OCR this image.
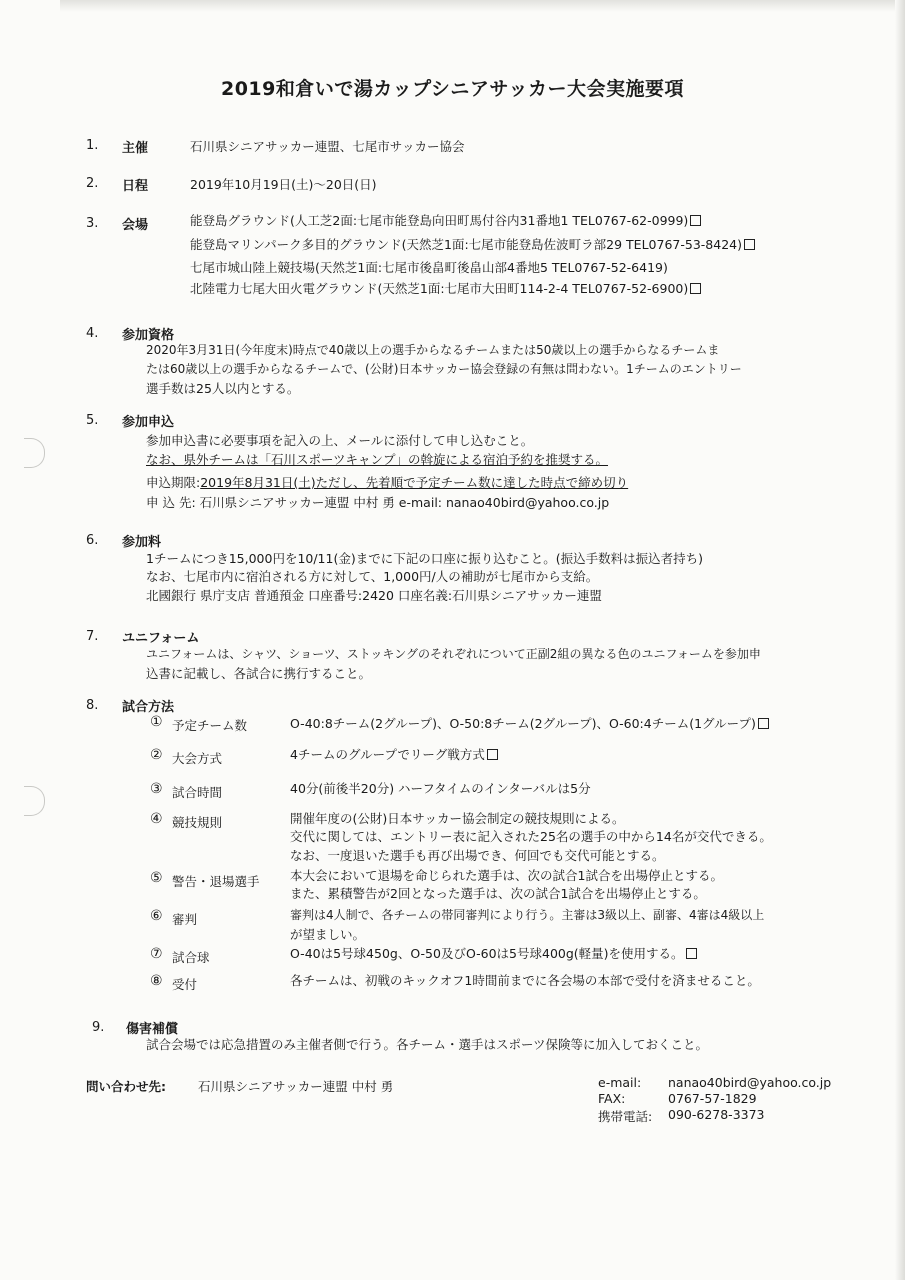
2019和倉いで湯カップシニアサッカー大会実施要項
1. 主催	石川県シニアサッカー連盟、七尾市サッカー協会
2. 日程	2019年10月19日(土)〜20日(日)
3. 会場	能登島グラウンド(人工芝2面:七尾市能登島向田町馬付谷内31番地1 TEL0767-62-0999)
能登島マリンパーク多目的グラウンド(天然芝1面:七尾市能登島佐波町ラ部29 TEL0767-53-8424)
七尾市城山陸上競技場(天然芝1面:七尾市後畠町後畠山部4番地5 TEL0767-52-6419)
北陸電力七尾大田火電グラウンド(天然芝1面:七尾市大田町114-2-4 TEL0767-52-6900)
4. 参加資格
2020年3月31日(今年度末)時点で40歳以上の選手からなるチームまたは50歳以上の選手からなるチームま
たは60歳以上の選手からなるチームで、(公財)日本サッカー協会登録の有無は問わない。1チームのエントリー
選手数は25人以内とする。
5. 参加申込
参加申込書に必要事項を記入の上、メールに添付して申し込むこと。
なお、県外チームは「石川スポーツキャンプ」の斡旋による宿泊予約を推奨する。
申込期限:2019年8月31日(土)ただし、先着順で予定チーム数に達した時点で締め切り
申 込 先: 石川県シニアサッカー連盟 中村 勇 e-mail: nanao40bird@yahoo.co.jp
6. 参加料
1チームにつき15,000円を10/11(金)までに下記の口座に振り込むこと。(振込手数料は振込者持ち)
なお、七尾市内に宿泊される方に対して、1,000円/人の補助が七尾市から支給。
北國銀行 県庁支店 普通預金 口座番号:2420 口座名義:石川県シニアサッカー連盟
7. ユニフォーム
ユニフォームは、シャツ、ショーツ、ストッキングのそれぞれについて正副2組の異なる色のユニフォームを参加申
込書に記載し、各試合に携行すること。
8. 試合方法
① 予定チーム数	O-40:8チーム(2グループ)、O-50:8チーム(2グループ)、O-60:4チーム(1グループ)
② 大会方式	4チームのグループでリーグ戦方式
③ 試合時間	40分(前後半20分) ハーフタイムのインターバルは5分
④ 競技規則	開催年度の(公財)日本サッカー協会制定の競技規則による。
交代に関しては、エントリー表に記入された25名の選手の中から14名が交代できる。
なお、一度退いた選手も再び出場でき、何回でも交代可能とする。
⑤ 警告・退場選手 本大会において退場を命じられた選手は、次の試合1試合を出場停止とする。
また、累積警告が2回となった選手は、次の試合1試合を出場停止とする。
⑥ 審判	審判は4人制で、各チームの帯同審判により行う。主審は3級以上、副審、4審は4級以上
が望ましい。
⑦ 試合球	O-40は5号球450g、O-50及びO-60は5号球400g(軽量)を使用する。
⑧ 受付	各チームは、初戦のキックオフ1時間前までに各会場の本部で受付を済ませること。
9. 傷害補償
試合会場では応急措置のみ主催者側で行う。各チーム・選手はスポーツ保険等に加入しておくこと。
問い合わせ先:	石川県シニアサッカー連盟 中村 勇	e-mail: nanao40bird@yahoo.co.jp
FAX:	0767-57-1829
携帯電話: 090-6278-3373
